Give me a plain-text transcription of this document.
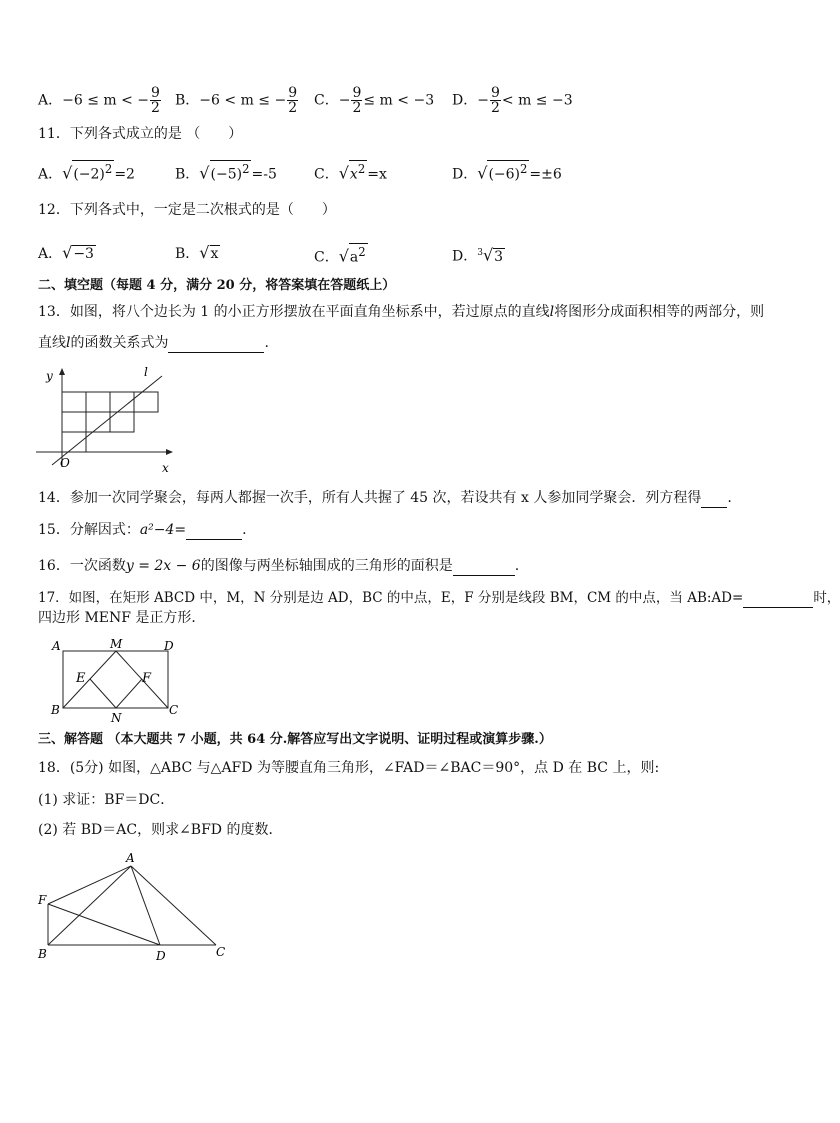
A．−6 ≤ m < − $\frac{9}{2}$ B．−6 < m ≤ − $\frac{9}{2}$ C．− $\frac{9}{2} \le m < -3$ D．− $\frac{9}{2} < m \le -3$
11．下列各式成立的是 （　　）
A．$√(-2)^2 =2$	B．$√(-5)^2 =-5$	C．$√x^2 =x$	D．$√(-6)^2 =\pm 6$
12．下列各式中，一定是二次根式的是（　　）
A．√−3	B．√x	C．$√a^2$	D．$^3$√3
二、填空题（每题 4 分，满分 20 分，将答案填在答题纸上）
13．如图，将八个边长为 1 的小正方形摆放在平面直角坐标系中，若过原点的直线l将图形分成面积相等的两部分，则
直线l的函数关系式为	.
y	l
O	x
14．参加一次同学聚会，每两人都握一次手，所有人共握了 45 次，若设共有 x 人参加同学聚会．列方程得 .
15．分解因式：a²−4=	.
16．一次函数y = 2x − 6的图像与两坐标轴围成的三角形的面积是	.
17．如图，在矩形 ABCD 中，M，N 分别是边 AD，BC 的中点，E，F 分别是线段 BM，CM 的中点，当 AB:AD=	时，
四边形 MENF 是正方形．
A	M	D
E	F
B
N
C
三、解答题 （本大题共 7 小题，共 64 分.解答应写出文字说明、证明过程或演算步骤.）
18．(5分) 如图，△ABC 与△AFD 为等腰直角三角形，∠FAD＝∠BAC＝90°，点 D 在 BC 上，则:
(1) 求证：BF＝DC．
(2) 若 BD＝AC，则求∠BFD 的度数．
A
F
B	D	C
